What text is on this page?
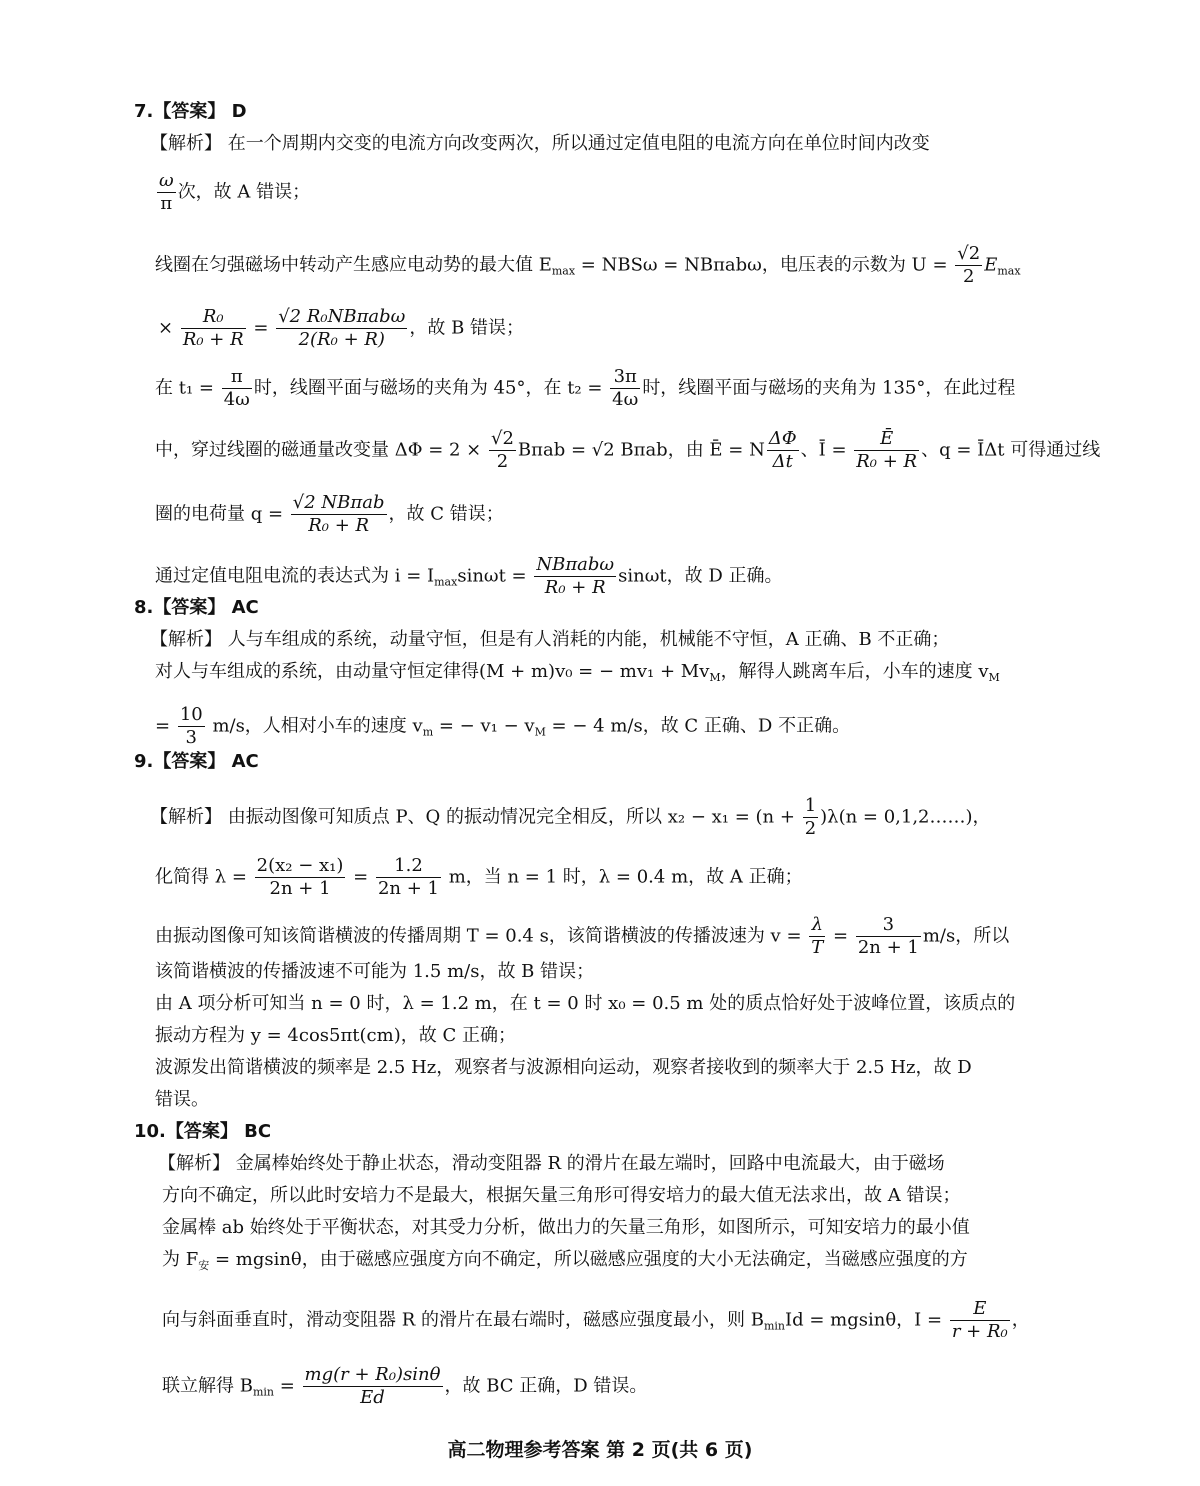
7.【答案】 D
【解析】 在一个周期内交变的电流方向改变两次，所以通过定值电阻的电流方向在单位时间内改变
$\frac{\omega}{\pi}$ 次，故 A 错误；
线圈在匀强磁场中转动产生感应电动势的最大值 $E_{max} = NBS\omega = NB\pi ab\omega$，电压表的示数为 $U = \frac{√2}{2} E_{max}$
× $\frac{\text{R₀}}{\text{R₀ + R}} = \frac{\text{√2 R₀NBπabω}}{\text{2(R₀ + R)}}$ ，故 B 错误；
在 $t_1 = \frac{\pi}{4\omega}$ 时，线圈平面与磁场的夹角为 45°，在 $t_2 = \frac{3\pi}{4\omega}$ 时，线圈平面与磁场的夹角为 135°，在此过程
中，穿过线圈的磁通量改变量 $\Delta\Phi = 2 \times \frac{√2}{2}$ Bπab = √2 Bπab，由 Ē = N $\frac{\Delta\Phi}{\Delta t}$ 、Ī = $\frac{Ē}{\text{R₀ + R}}$ 、q = ĪΔt 可得通过线
圈的电荷量 $q = \frac{\text{√2 NBπab}}{\text{R₀ + R}}$ ，故 C 错误；
通过定值电阻电流的表达式为 $i = I_{max}\sin\omega t = \frac{\text{NBπabω}}{\text{R₀ + R}}$ sinωt，故 D 正确。
8.【答案】 AC
【解析】 人与车组成的系统，动量守恒，但是有人消耗的内能，机械能不守恒，A 正确、B 不正确；
对人与车组成的系统，由动量守恒定律得(M + m)v₀ = − $mv_1 + Mv_M$，解得人跳离车后，小车的速度 $v_M$
= $\frac{10}{3} m/s$，人相对小车的速度 $v_m$ = − $v_1 - v_M$ = − 4 m/s，故 C 正确、D 不正确。
9.【答案】 AC
【解析】 由振动图像可知质点 P、Q 的振动情况完全相反，所以 $x_2 - x_1 = (n + \frac{1}{2} )\lambda(n$ = 0,1,2……)，
化简得 $\lambda = \frac{\text{2(x₂ − x₁)}}{2n + 1} = \frac{1.2}{2n + 1}$ m，当 n = 1 时，λ = 0.4 m，故 A 正确；
由振动图像可知该简谐横波的传播周期 T = 0.4 s，该简谐横波的传播波速为 $v = \frac{\lambda}{T} = \frac{3}{2n + 1} m/s$，所以
该简谐横波的传播波速不可能为 1.5 m/s，故 B 错误；
由 A 项分析可知当 n = 0 时，λ = 1.2 m，在 t = 0 时 x₀ = 0.5 m 处的质点恰好处于波峰位置，该质点的
振动方程为 y = 4cos5πt(cm)，故 C 正确；
波源发出简谐横波的频率是 2.5 Hz，观察者与波源相向运动，观察者接收到的频率大于 2.5 Hz，故 D
错误。
10.【答案】 BC
【解析】 金属棒始终处于静止状态，滑动变阻器 R 的滑片在最左端时，回路中电流最大，由于磁场
方向不确定，所以此时安培力不是最大，根据矢量三角形可得安培力的最大值无法求出，故 A 错误；
金属棒 ab 始终处于平衡状态，对其受力分析，做出力的矢量三角形，如图所示，可知安培力的最小值
为 $F_安 = mgsin\theta$，由于磁感应强度方向不确定，所以磁感应强度的大小无法确定，当磁感应强度的方
向与斜面垂直时，滑动变阻器 R 的滑片在最右端时，磁感应强度最小，则 $B_{min}Id = mgsin\theta$，$I = \frac{E}{\text{r + R₀}}$ ，
联立解得 $B_{min} = \frac{\text{mg(r + R₀)sinθ}}{Ed}$ ，故 BC 正确，D 错误。
高二物理参考答案 第 2 页(共 6 页)
